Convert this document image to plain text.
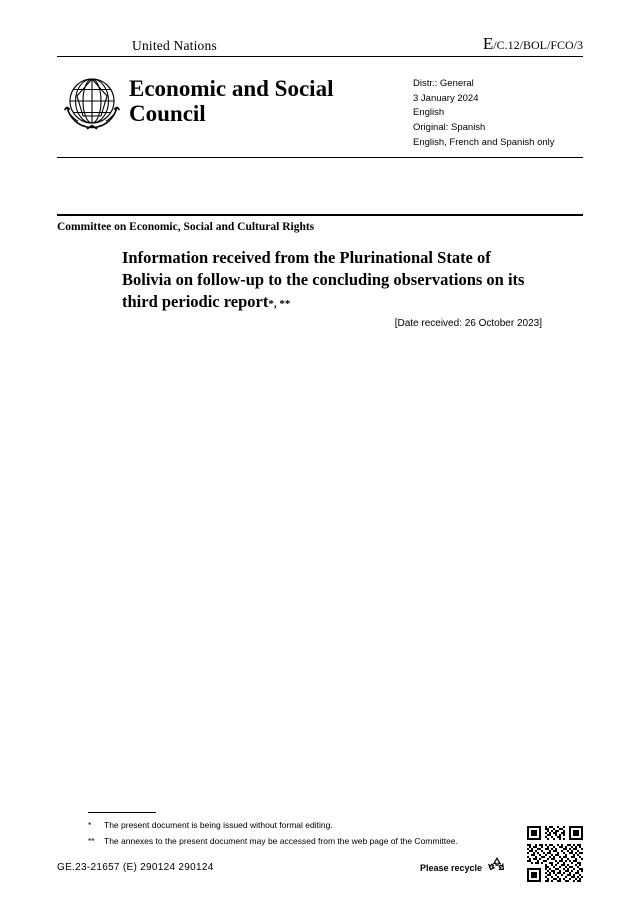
United Nations	E/C.12/BOL/FCO/3
Economic and Social Council
Distr.: General
3 January 2024
English
Original: Spanish
English, French and Spanish only
Committee on Economic, Social and Cultural Rights
Information received from the Plurinational State of Bolivia on follow-up to the concluding observations on its third periodic report*, **
[Date received: 26 October 2023]
* The present document is being issued without formal editing.
** The annexes to the present document may be accessed from the web page of the Committee.
GE.23-21657 (E) 290124 290124	Please recycle
